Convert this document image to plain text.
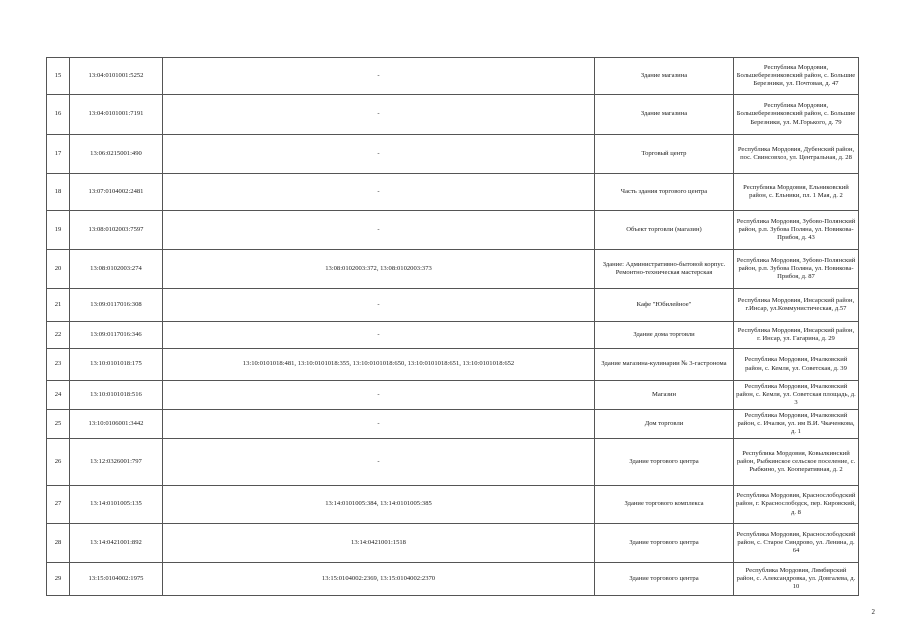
15	13:04:0101001:5252	-	Здание магазина	Республика Мордовия, Большеберезниковский район, с. Большие Березники, ул. Почтовая, д. 47
16	13:04:0101001:7191	-	Здание магазина	Республика Мордовия, Большеберезниковский район, с. Большие Березники, ул. М.Горького, д. 79
17	13:06:0215001:490	-	Торговый центр	Республика Мордовия, Дубенский район, пос. Свинсовхоз, ул. Центральная, д. 28
18	13:07:0104002:2481	-	Часть здания торгового центра	Республика Мордовия, Ельниковский район, с. Ельники, пл. 1 Мая, д. 2
19	13:08:0102003:7597	-	Объект торговли (магазин)	Республика Мордовия, Зубово-Полянский район, р.п. Зубова Поляна, ул. Новикова-Прибоя, д. 43
20	13:08:0102003:274	13:08:0102003:372, 13:08:0102003:373	Здание: Административно-бытовой корпус. Ремонтно-техническая мастерская	Республика Мордовия, Зубово-Полянский район, р.п. Зубова Поляна, ул. Новикова-Прибоя, д. 87
21	13:09:0117016:308	-	Кафе "Юбилейное"	Республика Мордовия, Инсарский район, г.Инсар, ул.Коммунистическая, д.57
22	13:09:0117016:346	-	Здание дома торговли	Республика Мордовия, Инсарский район, г. Инсар, ул. Гагарина, д. 29
23	13:10:0101018:175	13:10:0101018:481, 13:10:0101018:355, 13:10:0101018:650, 13:10:0101018:651, 13:10:0101018:652	Здание магазина-кулинарии № 3-гастронома	Республика Мордовия, Ичалковский район, с. Кемля, ул. Советская, д. 39
24	13:10:0101018:516	-	Магазин	Республика Мордовия, Ичалковский район, с. Кемля, ул. Советская площадь, д. 3
25	13:10:0106001:3442	-	Дом торговли	Республика Мордовия, Ичалковский район, с. Ичалки, ул. им В.И. Чкаченкова, д. 1
26	13:12:0326001:797	-	Здание торгового центра	Республика Мордовия, Ковылкинский район, Рыбкинское сельское поселение, с. Рыбкино, ул. Кооперативная, д. 2
27	13:14:0101005:135	13:14:0101005:384, 13:14:0101005:385	Здание торгового комплекса	Республика Мордовия, Краснослободский район, г. Краснослободск, пер. Кировский, д. 8
28	13:14:0421001:892	13:14:0421001:1518	Здание торгового центра	Республика Мордовия, Краснослободский район, с. Старое Синдрово, ул. Ленина, д. 64
29	13:15:0104002:1975	13:15:0104002:2369, 13:15:0104002:2370	Здание торгового центра	Республика Мордовия, Лямбирский район, с. Александровка, ул. Довгалева, д. 10
2
